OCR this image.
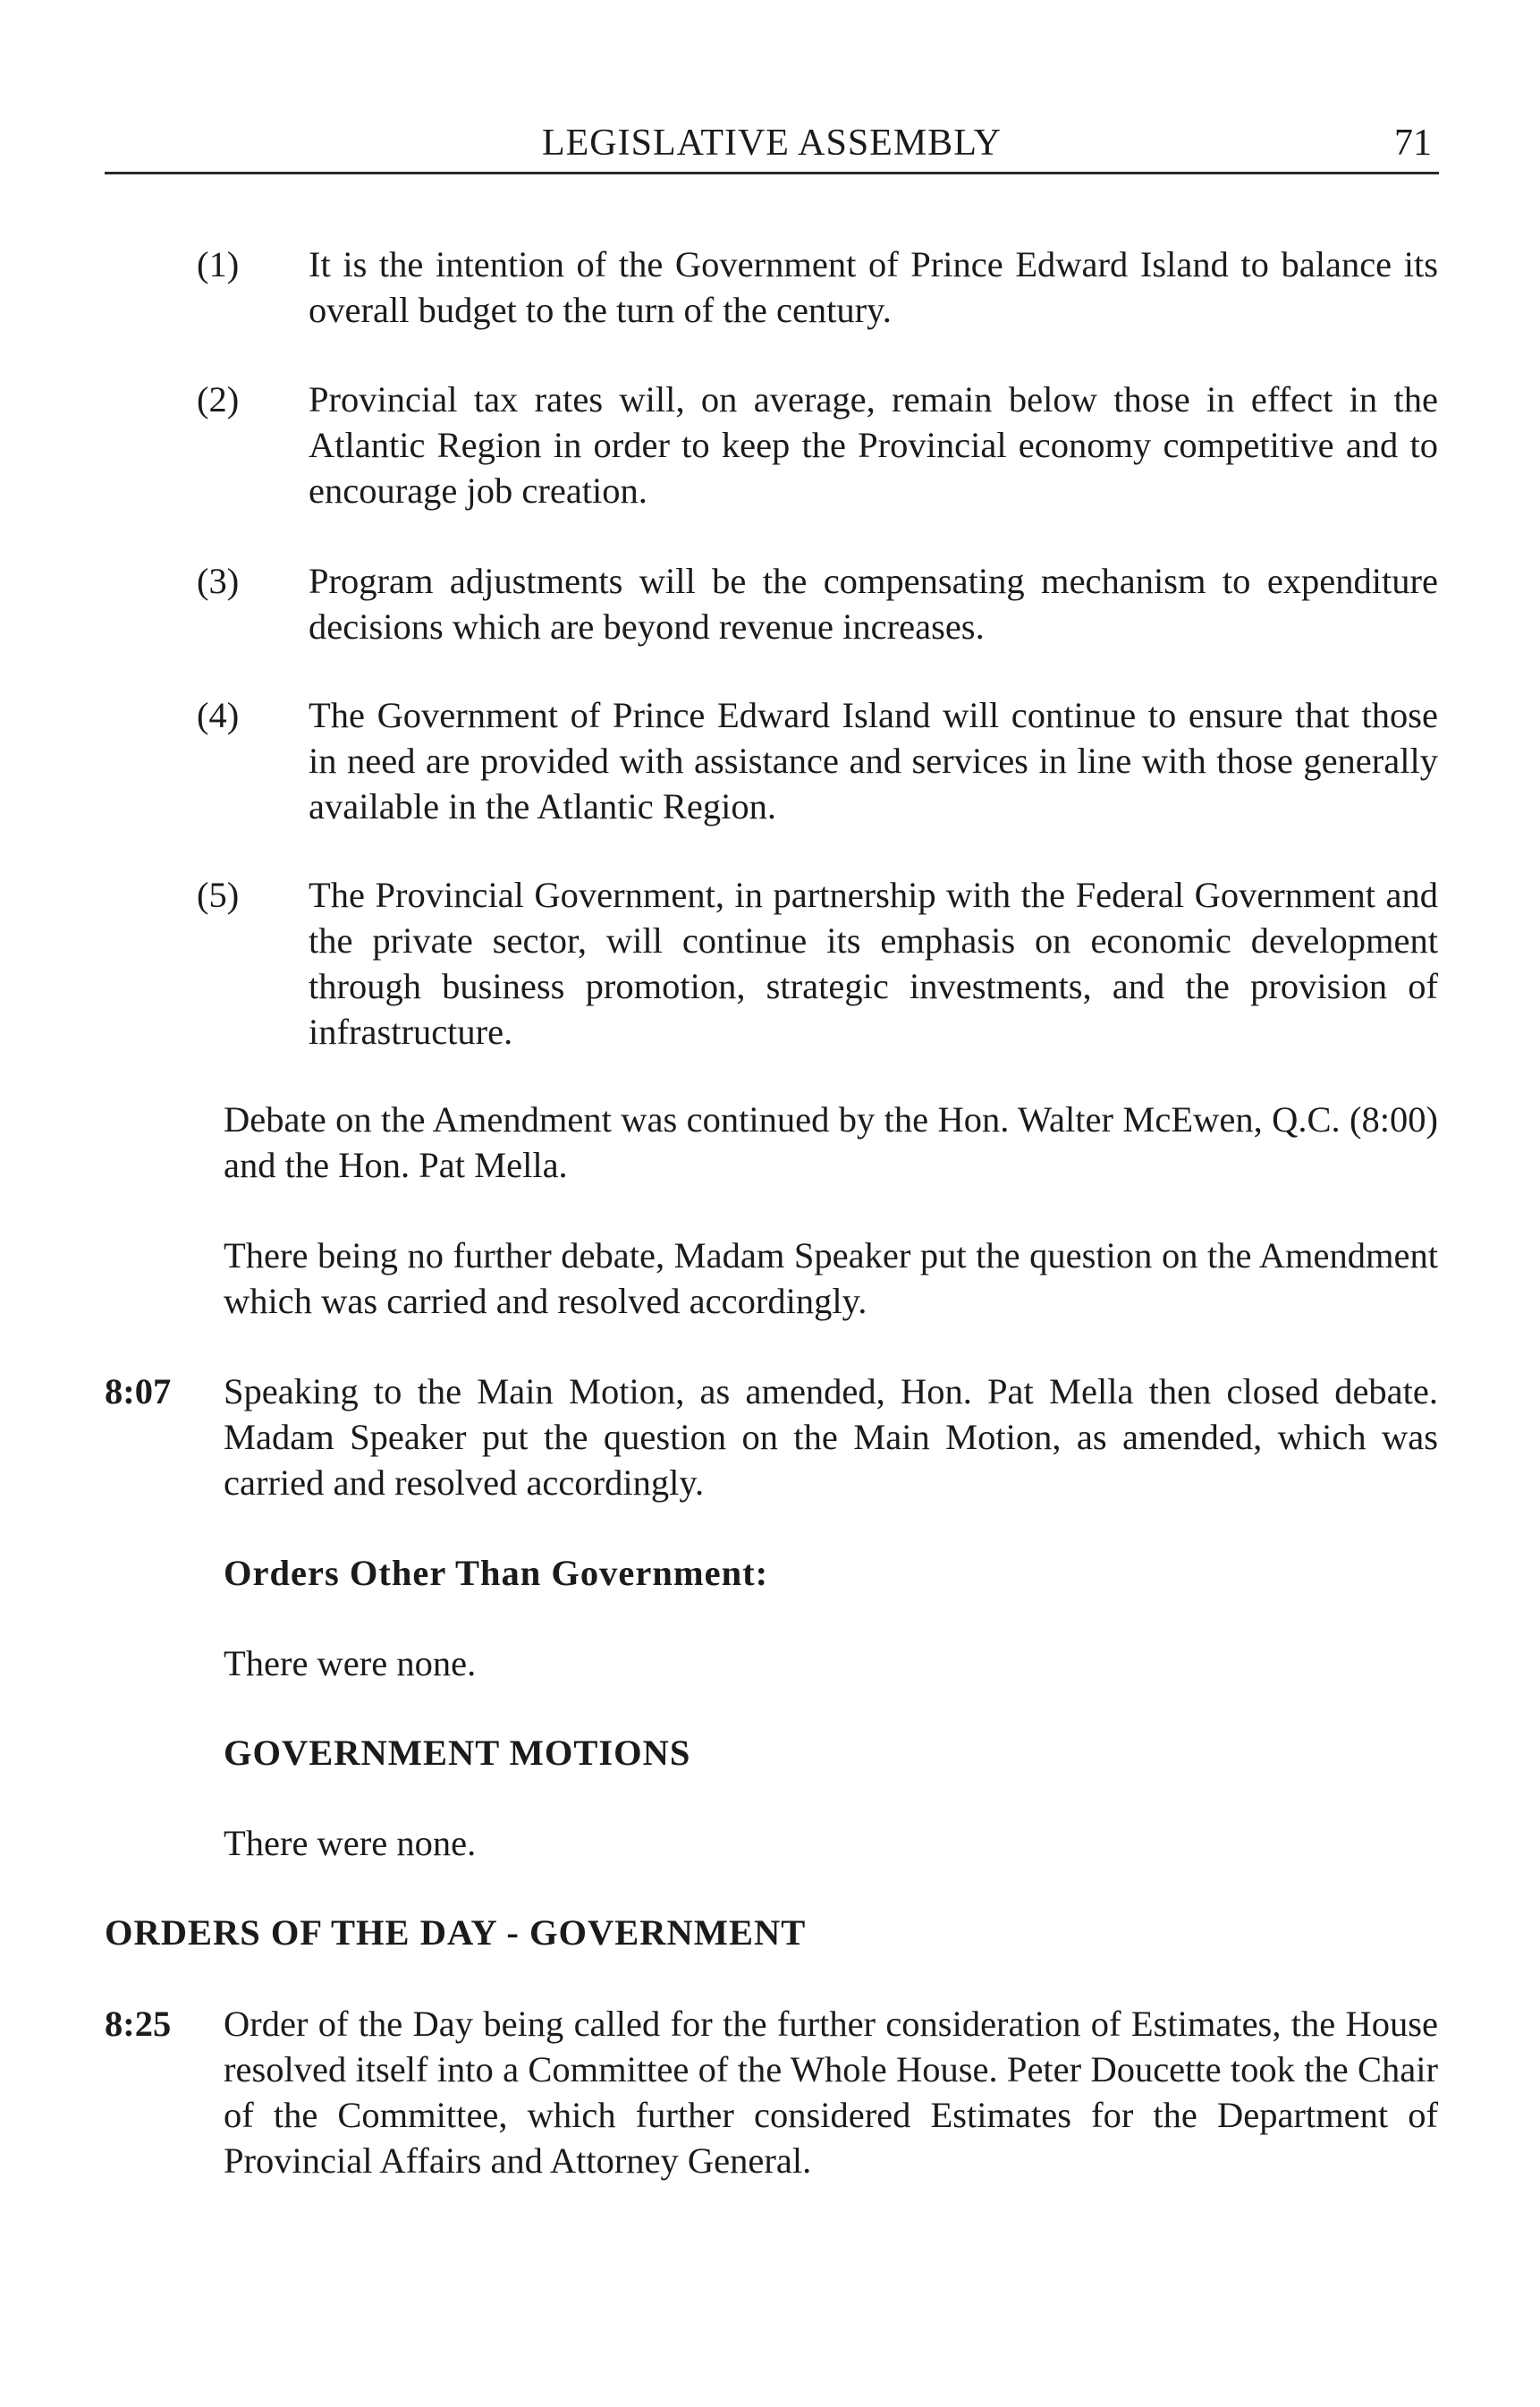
LEGISLATIVE ASSEMBLY	71
(1)	It is the intention of the Government of Prince Edward Island to balance its overall budget to the turn of the century.
(2)	Provincial tax rates will, on average, remain below those in effect in the Atlantic Region in order to keep the Provincial economy competitive and to encourage job creation.
(3)	Program adjustments will be the compensating mechanism to expenditure decisions which are beyond revenue increases.
(4)	The Government of Prince Edward Island will continue to ensure that those in need are provided with assistance and services in line with those generally available in the Atlantic Region.
(5)	The Provincial Government, in partnership with the Federal Government and the private sector, will continue its emphasis on economic development through business promotion, strategic investments, and the provision of infrastructure.
Debate on the Amendment was continued by the Hon. Walter McEwen, Q.C. (8:00) and the Hon. Pat Mella.
There being no further debate, Madam Speaker put the question on the Amendment which was carried and resolved accordingly.
8:07 Speaking to the Main Motion, as amended, Hon. Pat Mella then closed debate. Madam Speaker put the question on the Main Motion, as amended, which was carried and resolved accordingly.
Orders Other Than Government:
There were none.
GOVERNMENT MOTIONS
There were none.
ORDERS OF THE DAY - GOVERNMENT
8:25 Order of the Day being called for the further consideration of Estimates, the House resolved itself into a Committee of the Whole House. Peter Doucette took the Chair of the Committee, which further considered Estimates for the Department of Provincial Affairs and Attorney General.
